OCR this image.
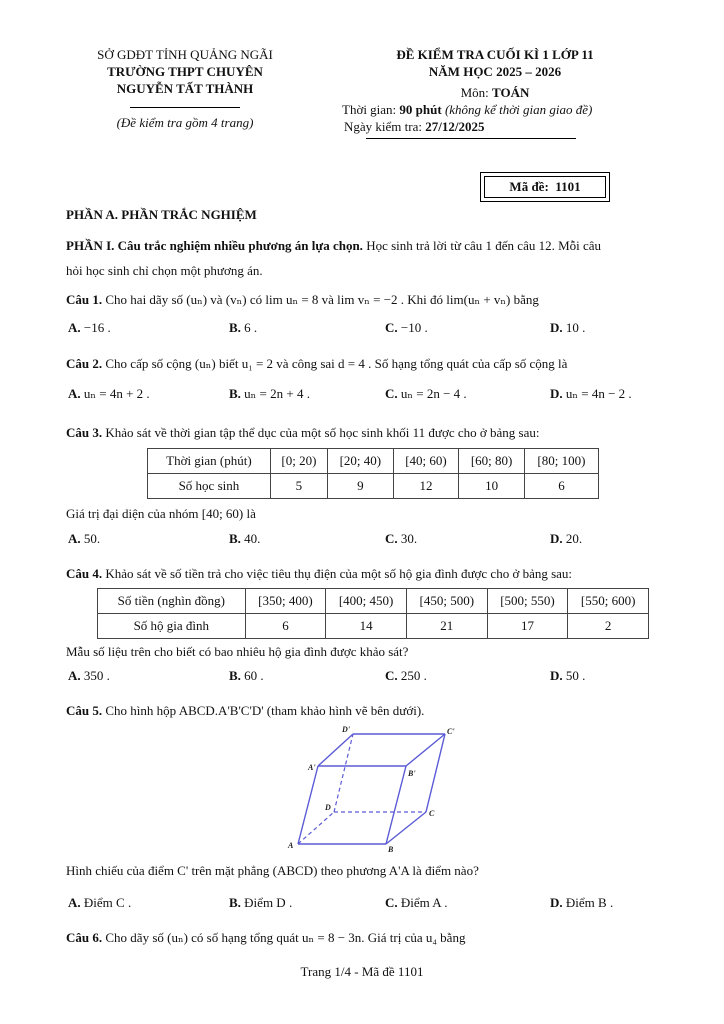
SỞ GDĐT TỈNH QUẢNG NGÃI
TRƯỜNG THPT CHUYÊN
NGUYỄN TẤT THÀNH
(Đề kiểm tra gồm 4 trang)
ĐỀ KIỂM TRA CUỐI KÌ 1 LỚP 11
NĂM HỌC 2025 – 2026
Môn: TOÁN
Thời gian: 90 phút (không kể thời gian giao đề)
Ngày kiểm tra: 27/12/2025
Mã đề:
1101
PHẦN A. PHẦN TRẮC NGHIỆM
PHẦN I. Câu trắc nghiệm nhiều phương án lựa chọn. Học sinh trả lời từ câu 1 đến câu 12. Mỗi câu
hỏi học sinh chỉ chọn một phương án.
Câu 1. Cho hai dãy số (uₙ) và (vₙ) có lim uₙ = 8 và lim vₙ = −2 . Khi đó lim(uₙ + vₙ) bằng
A. −16 .	B. 6 .	C. −10 .	D. 10 .
Câu 2. Cho cấp số cộng (uₙ) biết u₁ = 2 và công sai d = 4 . Số hạng tổng quát của cấp số cộng là
A. uₙ = 4n + 2 .	B. uₙ = 2n + 4 .	C. uₙ = 2n − 4 .	D. uₙ = 4n − 2 .
Câu 3. Khảo sát về thời gian tập thể dục của một số học sinh khối 11 được cho ở bảng sau:
Thời gian (phút)	[0; 20)	[20; 40)	[40; 60)	[60; 80)	[80; 100)
Số học sinh	5	9	12	10	6
Giá trị đại diện của nhóm [40; 60) là
A. 50.	B. 40.	C. 30.	D. 20.
Câu 4. Khảo sát về số tiền trả cho việc tiêu thụ điện của một số hộ gia đình được cho ở bảng sau:
Số tiền (nghìn đồng)	[350; 400)	[400; 450)	[450; 500)	[500; 550)	[550; 600)
Số hộ gia đình	6	14	21	17	2
Mẫu số liệu trên cho biết có bao nhiêu hộ gia đình được khảo sát?
A. 350 .	B. 60 .	C. 250 .	D. 50 .
Câu 5. Cho hình hộp ABCD.A'B'C'D' (tham khảo hình vẽ bên dưới).
A	B
C
D
A'
B'
C'
D'
Hình chiếu của điểm C' trên mặt phẳng (ABCD) theo phương A'A là điểm nào?
A. Điểm C .	B. Điểm D .	C. Điểm A .	D. Điểm B .
Câu 6. Cho dãy số (uₙ) có số hạng tổng quát uₙ = 8 − 3n. Giá trị của u₄ bằng
Trang 1/4 - Mã đề 1101
